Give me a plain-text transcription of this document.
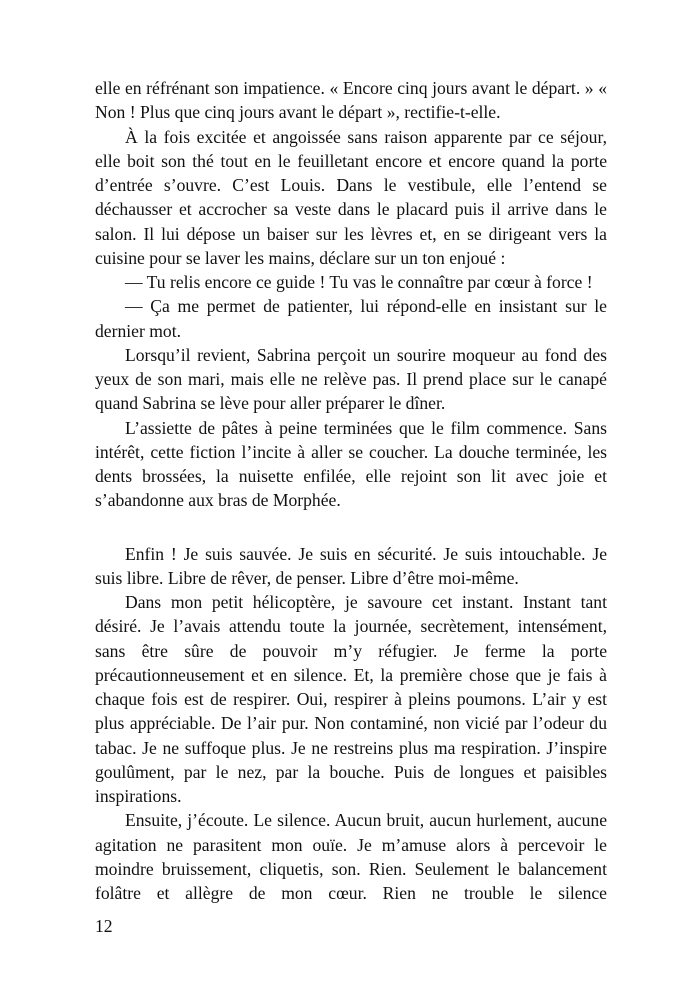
elle en réfrénant son impatience. « Encore cinq jours avant le départ. » « Non ! Plus que cinq jours avant le départ », rectifie-t-elle.

À la fois excitée et angoissée sans raison apparente par ce séjour, elle boit son thé tout en le feuilletant encore et encore quand la porte d’entrée s’ouvre. C’est Louis. Dans le vestibule, elle l’entend se déchausser et accrocher sa veste dans le placard puis il arrive dans le salon. Il lui dépose un baiser sur les lèvres et, en se dirigeant vers la cuisine pour se laver les mains, déclare sur un ton enjoué :

— Tu relis encore ce guide ! Tu vas le connaître par cœur à force !

— Ça me permet de patienter, lui répond-elle en insistant sur le dernier mot.

Lorsqu’il revient, Sabrina perçoit un sourire moqueur au fond des yeux de son mari, mais elle ne relève pas. Il prend place sur le canapé quand Sabrina se lève pour aller préparer le dîner.

L’assiette de pâtes à peine terminées que le film commence. Sans intérêt, cette fiction l’incite à aller se coucher. La douche terminée, les dents brossées, la nuisette enfilée, elle rejoint son lit avec joie et s’abandonne aux bras de Morphée.

Enfin ! Je suis sauvée. Je suis en sécurité. Je suis intouchable. Je suis libre. Libre de rêver, de penser. Libre d’être moi-même.

Dans mon petit hélicoptère, je savoure cet instant. Instant tant désiré. Je l’avais attendu toute la journée, secrètement, intensément, sans être sûre de pouvoir m’y réfugier. Je ferme la porte précautionneusement et en silence. Et, la première chose que je fais à chaque fois est de respirer. Oui, respirer à pleins poumons. L’air y est plus appréciable. De l’air pur. Non contaminé, non vicié par l’odeur du tabac. Je ne suffoque plus. Je ne restreins plus ma respiration. J’inspire goulûment, par le nez, par la bouche. Puis de longues et paisibles inspirations.

Ensuite, j’écoute. Le silence. Aucun bruit, aucun hurlement, aucune agitation ne parasitent mon ouïe. Je m’amuse alors à percevoir le moindre bruissement, cliquetis, son. Rien. Seulement le balancement folâtre et allègre de mon cœur. Rien ne trouble le silence

12
